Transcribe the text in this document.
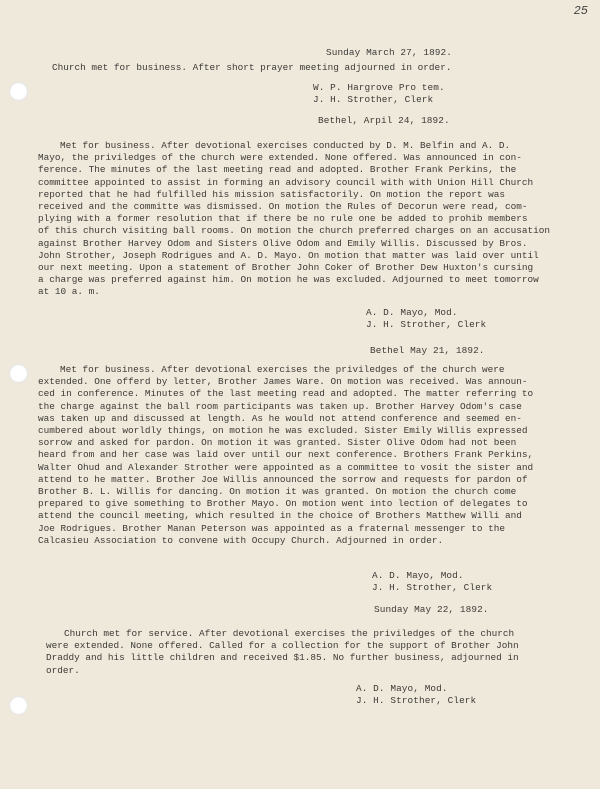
25
Sunday March 27, 1892.
Church met for business. After short prayer meeting adjourned in order.
W. P. Hargrove Pro tem.
J. H. Strother, Clerk
Bethel, Arpil 24, 1892.
Met for business. After devotional exercises conducted by D. M. Belfin and A. D.
Mayo, the priviledges of the church were extended. None offered. Was announced in con-
ference. The minutes of the last meeting read and adopted. Brother Frank Perkins, the
committee appointed to assist in forming an advisory council with with Union Hill Church
reported that he had fulfilled his mission satisfactorily. On motion the report was
received and the committe was dismissed. On motion the Rules of Decorun were read, com-
plying with a former resolution that if there be no rule one be added to prohib members
of this church visiting ball rooms. On motion the church preferred charges on an accusation
against Brother Harvey Odom and Sisters Olive Odom and Emily Willis. Discussed by Bros.
John Strother, Joseph Rodrigues and A. D. Mayo. On motion that matter was laid over until
our next meeting. Upon a statement of Brother John Coker of Brother Dew Huxton's cursing
a charge was preferred against him. On motion he was excluded. Adjourned to meet tomorrow
at 10 a. m.
A. D. Mayo, Mod.
J. H. Strother, Clerk
Bethel May 21, 1892.
Met for business. After devotional exercises the priviledges of the church were
extended. One offerd by letter, Brother James Ware. On motion was received. Was announ-
ced in conference. Minutes of the last meeting read and adopted. The matter referring to
the charge against the ball room participants was taken up. Brother Harvey Odom's case
was taken up and discussed at length. As he would not attend conference and seemed en-
cumbered about worldly things, on motion he was excluded. Sister Emily Willis expressed
sorrow and asked for pardon. On motion it was granted. Sister Olive Odom had not been
heard from and her case was laid over until our next conference. Brothers Frank Perkins,
Walter Ohud and Alexander Strother were appointed as a committee to vosit the sister and
attend to he matter. Brother Joe Willis announced the sorrow and requests for pardon of
Brother B. L. Willis for dancing. On motion it was granted. On motion the church come
prepared to give something to Brother Mayo. On motion went into lection of delegates to
attend the council meeting, which resulted in the choice of Brothers Matthew Willi and
Joe Rodrigues. Brother Manan Peterson was appointed as a fraternal messenger to the
Calcasieu Association to convene with Occupy Church. Adjourned in order.
A. D. Mayo, Mod.
J. H. Strother, Clerk
Sunday May 22, 1892.
Church met for service. After devotional exercises the priviledges of the church
were extended. None offered. Called for a collection for the support of Brother John
Draddy and his little children and received $1.85. No further business, adjourned in
order.
A. D. Mayo, Mod.
J. H. Strother, Clerk
